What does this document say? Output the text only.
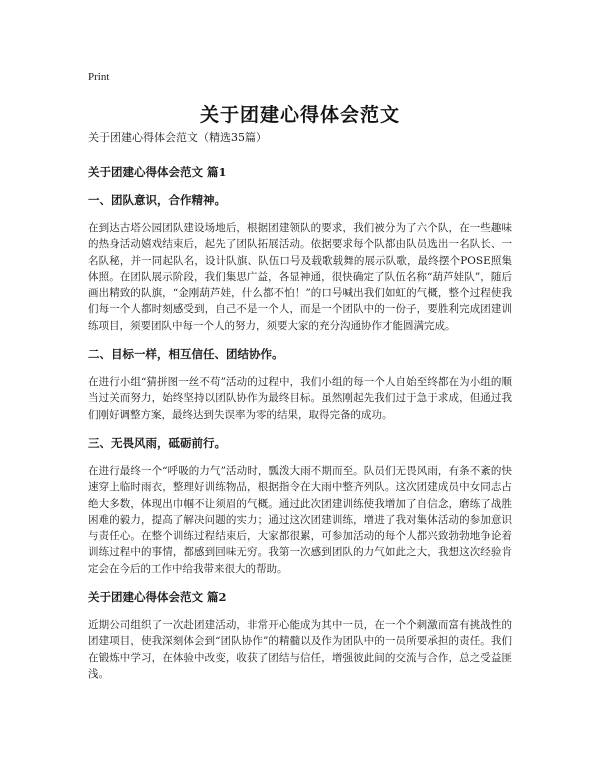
Print
关于团建心得体会范文
关于团建心得体会范文（精选35篇）
关于团建心得体会范文 篇1
一、团队意识，合作精神。
在到达古塔公园团队建设场地后，根据团建领队的要求，我们被分为了六个队，在一些趣味的热身活动嬉戏结束后，起先了团队拓展活动。依据要求每个队都由队员选出一名队长、一名队秘，并一同起队名，设计队旗、队伍口号及载歌载舞的展示队歌，最终摆个POSE照集体照。在团队展示阶段，我们集思广益，各显神通，很快确定了队伍名称“葫芦娃队”，随后画出精致的队旗，“金刚葫芦娃，什么都不怕！”的口号喊出我们如虹的气概，整个过程使我们每一个人都时刻感受到，自己不是一个人，而是一个团队中的一份子，要胜利完成团建训练项目，须要团队中每一个人的努力，须要大家的充分沟通协作才能圆满完成。
二、目标一样，相互信任、团结协作。
在进行小组“猜拼图一丝不苟”活动的过程中，我们小组的每一个人自始至终都在为小组的顺当过关而努力，始终坚持以团队协作为最终目标。虽然刚起先我们过于急于求成，但通过我们刚好调整方案，最终达到失误率为零的结果，取得完备的成功。
三、无畏风雨，砥砺前行。
在进行最终一个“呼吸的力气”活动时，瓢泼大雨不期而至。队员们无畏风雨，有条不紊的快速穿上临时雨衣，整理好训练物品，根据指令在大雨中整齐列队。这次团建成员中女同志占绝大多数，体现出巾帼不让须眉的气概。通过此次团建训练使我增加了自信念，磨练了战胜困难的毅力，提高了解决问题的实力；通过这次团建训练，增进了我对集体活动的参加意识与责任心。在整个训练过程结束后，大家都很累，可参加活动的每个人都兴致勃勃地争论着训练过程中的事情，都感到回味无穷。我第一次感到团队的力气如此之大，我想这次经验肯定会在今后的工作中给我带来很大的帮助。
关于团建心得体会范文 篇2
近期公司组织了一次赴团建活动，非常开心能成为其中一员，在一个个刺激而富有挑战性的团建项目，使我深刻体会到“团队协作”的精髓以及作为团队中的一员所要承担的责任。我们在锻炼中学习，在体验中改变，收获了团结与信任，增强彼此间的交流与合作，总之受益匪浅。
